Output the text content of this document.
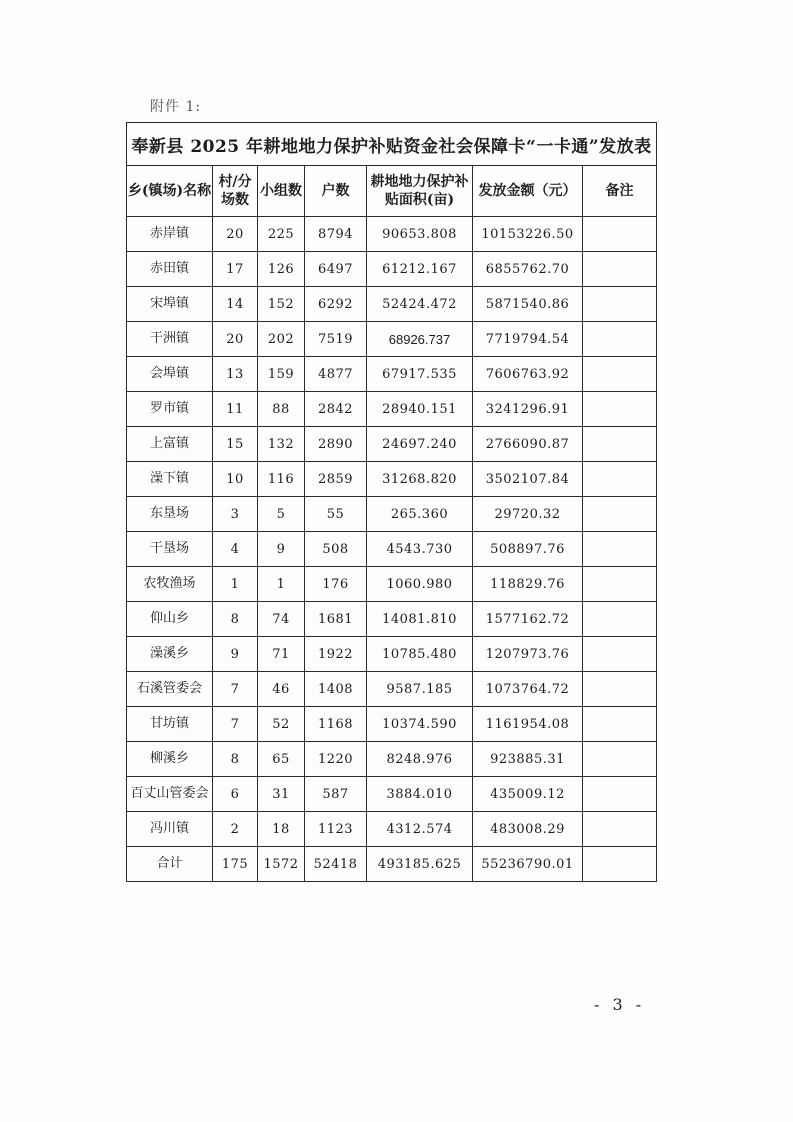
附件 1:
奉新县 2025 年耕地地力保护补贴资金社会保障卡“一卡通”发放表						
乡(镇场)名称	村/分场数	小组数	户数	耕地地力保护补贴面积(亩)	发放金额（元）	备注
赤岸镇	20	225	8794	90653.808	10153226.50	
赤田镇	17	126	6497	61212.167	6855762.70	
宋埠镇	14	152	6292	52424.472	5871540.86	
干洲镇	20	202	7519	68926.737	7719794.54	
会埠镇	13	159	4877	67917.535	7606763.92	
罗市镇	11	88	2842	28940.151	3241296.91	
上富镇	15	132	2890	24697.240	2766090.87	
澡下镇	10	116	2859	31268.820	3502107.84	
东垦场	3	5	55	265.360	29720.32	
干垦场	4	9	508	4543.730	508897.76	
农牧渔场	1	1	176	1060.980	118829.76	
仰山乡	8	74	1681	14081.810	1577162.72	
澡溪乡	9	71	1922	10785.480	1207973.76	
石溪管委会	7	46	1408	9587.185	1073764.72	
甘坊镇	7	52	1168	10374.590	1161954.08	
柳溪乡	8	65	1220	8248.976	923885.31	
百丈山管委会	6	31	587	3884.010	435009.12	
冯川镇	2	18	1123	4312.574	483008.29	
合计	175	1572	52418	493185.625	55236790.01	
- 3 -
